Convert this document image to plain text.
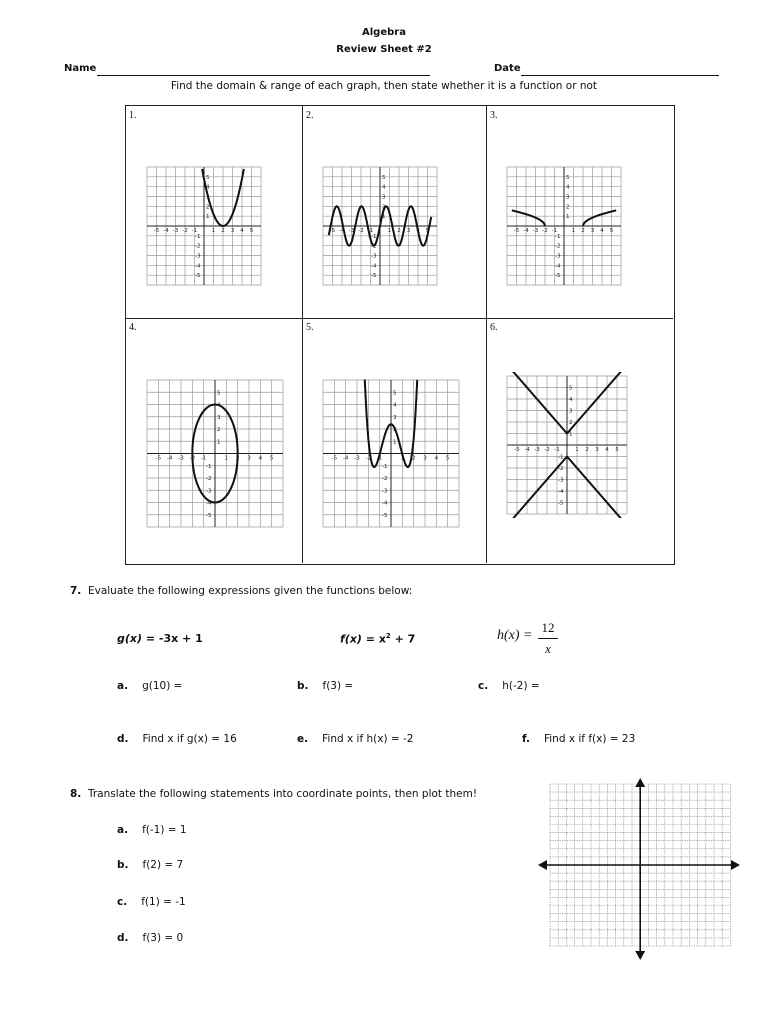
Algebra
Review Sheet #2
Name	Date
Find the domain & range of each graph, then state whether it is a function or not
1.	2.	3.
4.	5.	6.
-5 -4 -3 -2 -1	1 2 3 4 5
1
2
3
4
5
-1
-2
-3
-4
-5
-5 -4 -3 -2 -1	1 2 3 4 5
1
2
3
4
5
-1
-2
-3
-4
-5
-5 -4 -3 -2 -1	1 2 3 4 5
1
2
3
4
5
-1
-2
-3
-4
-5
-5 -4 -3 -2 -1	1 2 3 4 5
1
2
3
4
5
-1
-2
-3
-4
-5
-5 -4 -3 -2 -1	1 2 3 4 5
1
2
3
4
5
-1
-2
-3
-4
-5
-5 -4 -3 -2 -1	1 2 3 4 5
1
2
3
4
5
-1
-2
-3
-4
-5
7. Evaluate the following expressions given the functions below:
g(x) = -3x + 1	$f(x) = x^2 + 7$	h(x) =
12
x
a. g(10) =	b. f(3) =	c. h(-2) =
d. Find x if g(x) = 16	e. Find x if h(x) = -2	f. Find x if f(x) = 23
8. Translate the following statements into coordinate points, then plot them!
a. f(-1) = 1
b. f(2) = 7
c. f(1) = -1
d. f(3) = 0
